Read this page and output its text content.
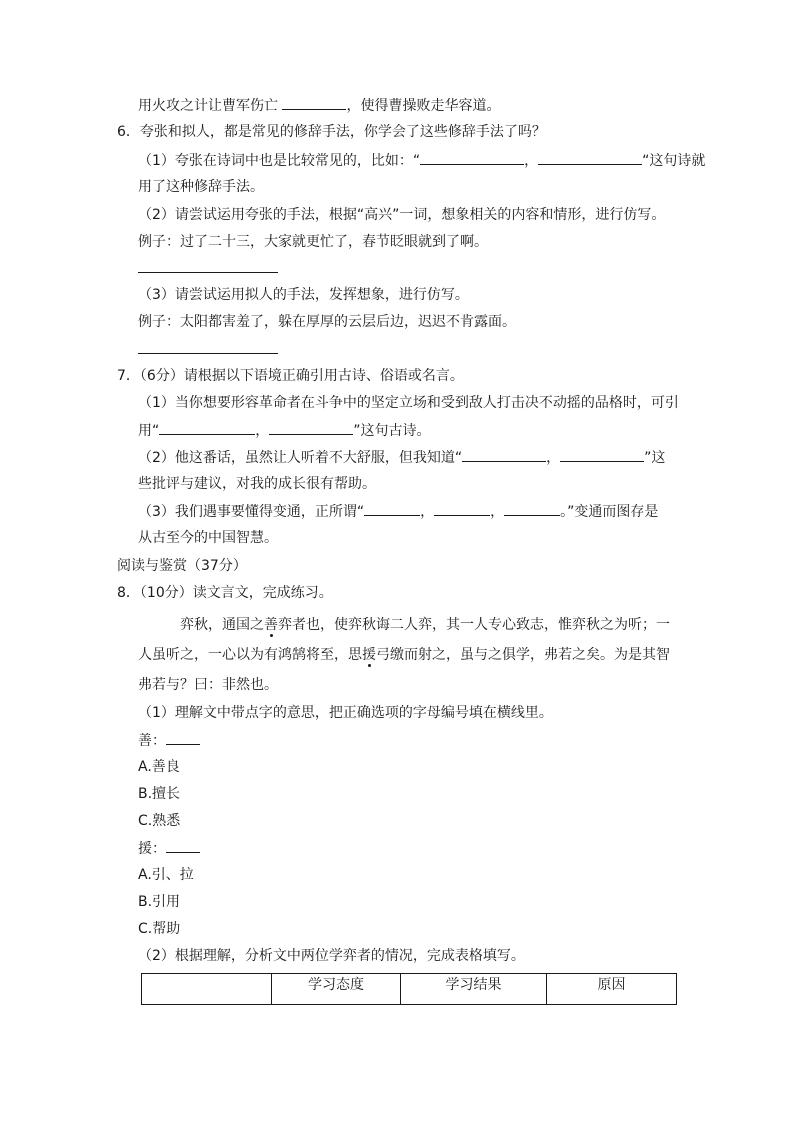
用火攻之计让曹军伤亡	，使得曹操败走华容道。
6．夸张和拟人，都是常见的修辞手法，你学会了这些修辞手法了吗？
（1）夸张在诗词中也是比较常见的，比如：“	，	“这句诗就
用了这种修辞手法。
（2）请尝试运用夸张的手法，根据“高兴”一词，想象相关的内容和情形，进行仿写。
例子：过了二十三，大家就更忙了，春节眨眼就到了啊。
（3）请尝试运用拟人的手法，发挥想象，进行仿写。
例子：太阳都害羞了，躲在厚厚的云层后边，迟迟不肯露面。
7．（6分）请根据以下语境正确引用古诗、俗语或名言。
（1）当你想要形容革命者在斗争中的坚定立场和受到敌人打击决不动摇的品格时，可引
用“	，	”这句古诗。
（2）他这番话，虽然让人听着不大舒服，但我知道“	，	”这
些批评与建议，对我的成长很有帮助。
（3）我们遇事要懂得变通，正所谓“	，	，	。”变通而图存是
从古至今的中国智慧。
阅读与鉴赏（37分）
8．（10分）读文言文，完成练习。
弈秋，通国之善弈者也，使弈秋诲二人弈，其一人专心致志，惟弈秋之为听；一
人虽听之，一心以为有鸿鹄将至，思援弓缴而射之，虽与之俱学，弗若之矣。为是其智
弗若与？曰：非然也。
（1）理解文中带点字的意思，把正确选项的字母编号填在横线里。
善：
A.善良
B.擅长
C.熟悉
援：
A.引、拉
B.引用
C.帮助
（2）根据理解，分析文中两位学弈者的情况，完成表格填写。
	学习态度	学习结果	原因
